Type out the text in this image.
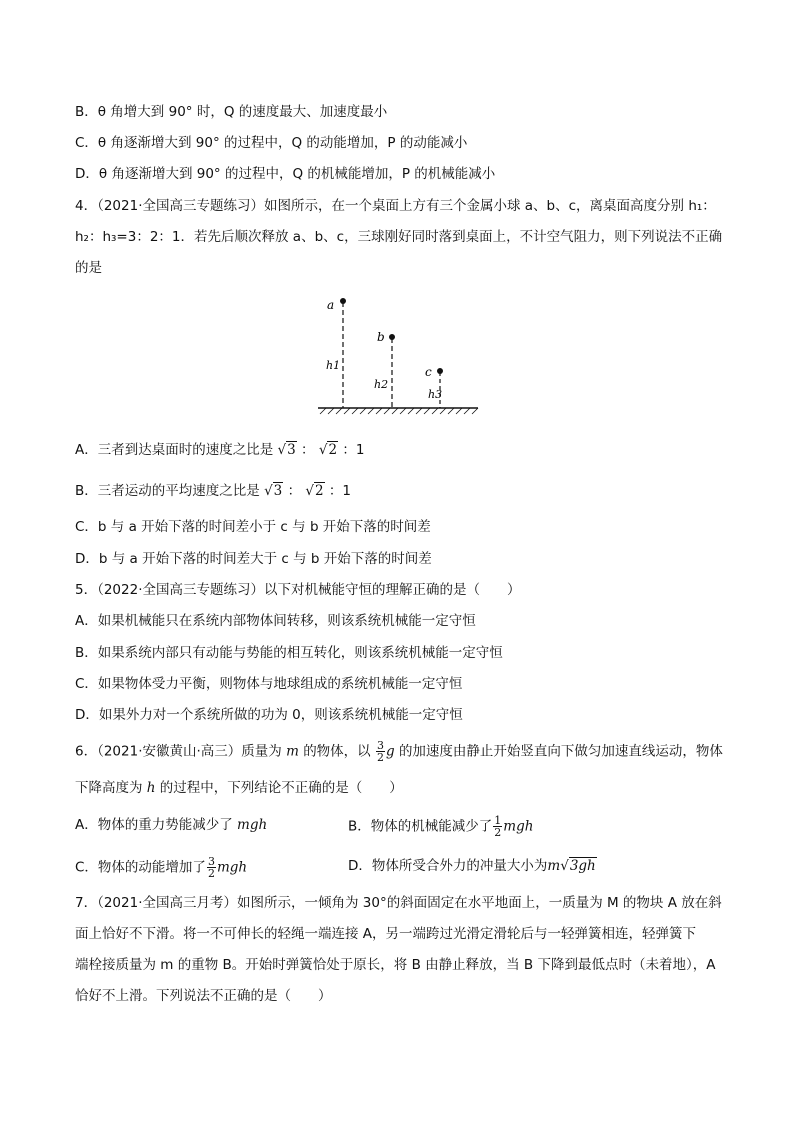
B．θ 角增大到 90° 时，Q 的速度最大、加速度最小
C．θ 角逐渐增大到 90° 的过程中，Q 的动能增加，P 的动能减小
D．θ 角逐渐增大到 90° 的过程中，Q 的机械能增加，P 的机械能减小
4．（2021·全国高三专题练习）如图所示，在一个桌面上方有三个金属小球 a、b、c，离桌面高度分别 h₁：
h₂：h₃=3：2：1．若先后顺次释放 a、b、c，三球刚好同时落到桌面上，不计空气阻力，则下列说法不正确
的是
a
h1
b
h2
c
h3
A．三者到达桌面时的速度之比是 √3 ： √2 ：1
B．三者运动的平均速度之比是 √3 ： √2 ：1
C．b 与 a 开始下落的时间差小于 c 与 b 开始下落的时间差
D．b 与 a 开始下落的时间差大于 c 与 b 开始下落的时间差
5．（2022·全国高三专题练习）以下对机械能守恒的理解正确的是（　　）
A．如果机械能只在系统内部物体间转移，则该系统机械能一定守恒
B．如果系统内部只有动能与势能的相互转化，则该系统机械能一定守恒
C．如果物体受力平衡，则物体与地球组成的系统机械能一定守恒
D．如果外力对一个系统所做的功为 0，则该系统机械能一定守恒
6．（2021·安徽黄山·高三）质量为 m 的物体，以 $\frac{3}{2}$ g 的加速度由静止开始竖直向下做匀加速直线运动，物体
下降高度为 h 的过程中，下列结论不正确的是（　　）
A．物体的重力势能减少了 mgh	B．物体的机械能减少了 $\frac{1}{2}$ mgh
C．物体的动能增加了 $\frac{3}{2}$ mgh	D．物体所受合外力的冲量大小为m√3gh
7．（2021·全国高三月考）如图所示，一倾角为 30°的斜面固定在水平地面上，一质量为 M 的物块 A 放在斜
面上恰好不下滑。将一不可伸长的轻绳一端连接 A，另一端跨过光滑定滑轮后与一轻弹簧相连，轻弹簧下
端栓接质量为 m 的重物 B。开始时弹簧恰处于原长，将 B 由静止释放，当 B 下降到最低点时（未着地），A
恰好不上滑。下列说法不正确的是（　　）
